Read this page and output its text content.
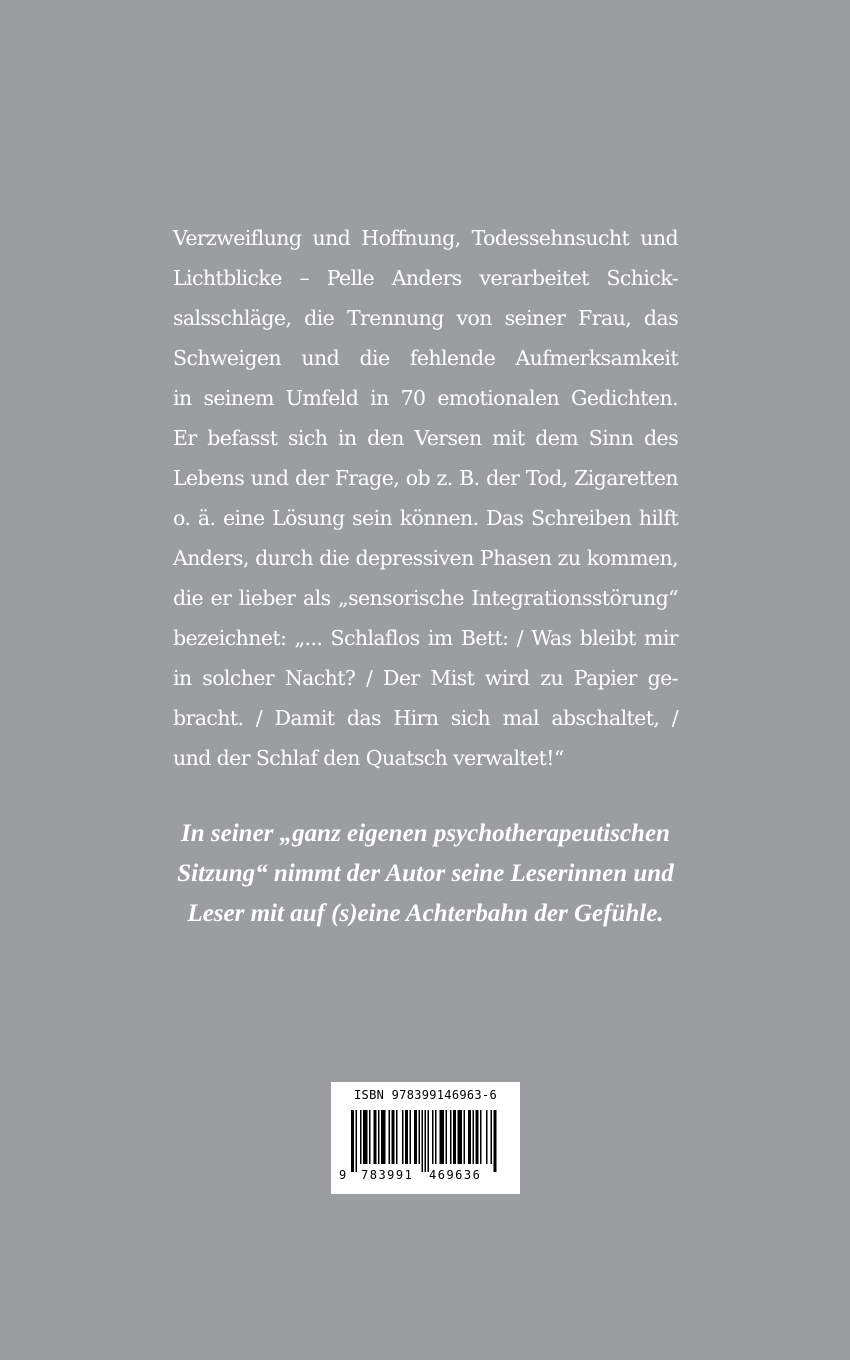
Verzweiflung und Hoffnung, Todessehnsucht und
Lichtblicke – Pelle Anders verarbeitet Schick-
salsschläge, die Trennung von seiner Frau, das
Schweigen und die fehlende Aufmerksamkeit
in seinem Umfeld in 70 emotionalen Gedichten.
Er befasst sich in den Versen mit dem Sinn des
Lebens und der Frage, ob z. B. der Tod, Zigaretten
o. ä. eine Lösung sein können. Das Schreiben hilft
Anders, durch die depressiven Phasen zu kommen,
die er lieber als „sensorische Integrationsstörung“
bezeichnet: „... Schlaflos im Bett: / Was bleibt mir
in solcher Nacht? / Der Mist wird zu Papier ge-
bracht. / Damit das Hirn sich mal abschaltet, /
und der Schlaf den Quatsch verwaltet!“
In seiner „ganz eigenen psychotherapeutischen
Sitzung“ nimmt der Autor seine Leserinnen und
Leser mit auf (s)eine Achterbahn der Gefühle.
ISBN 978399146963-6
9 783991 469636
